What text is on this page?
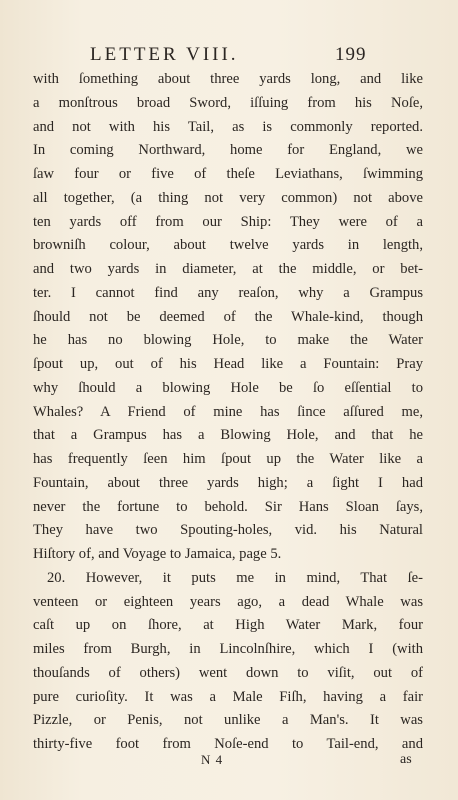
LETTER VIII.	199
with ſomething about three yards long, and like
a monſtrous broad Sword, iſſuing from his Noſe,
and not with his Tail, as is commonly reported.
In coming Northward, home for England, we
ſaw four or five of theſe Leviathans, ſwimming
all together, (a thing not very common) not above
ten yards off from our Ship: They were of a
browniſh colour, about twelve yards in length,
and two yards in diameter, at the middle, or bet-
ter. I cannot find any reaſon, why a Grampus
ſhould not be deemed of the Whale-kind, though
he has no blowing Hole, to make the Water
ſpout up, out of his Head like a Fountain: Pray
why ſhould a blowing Hole be ſo eſſential to
Whales? A Friend of mine has ſince aſſured me,
that a Grampus has a Blowing Hole, and that he
has frequently ſeen him ſpout up the Water like a
Fountain, about three yards high; a ſight I had
never the fortune to behold. Sir Hans Sloan ſays,
They have two Spouting-holes, vid. his Natural
Hiſtory of, and Voyage to Jamaica, page 5.
20. However, it puts me in mind, That ſe-
venteen or eighteen years ago, a dead Whale was
caſt up on ſhore, at High Water Mark, four
miles from Burgh, in Lincolnſhire, which I (with
thouſands of others) went down to viſit, out of
pure curioſity. It was a Male Fiſh, having a fair
Pizzle, or Penis, not unlike a Man's. It was
thirty-five foot from Noſe-end to Tail-end, and
N 4	as
